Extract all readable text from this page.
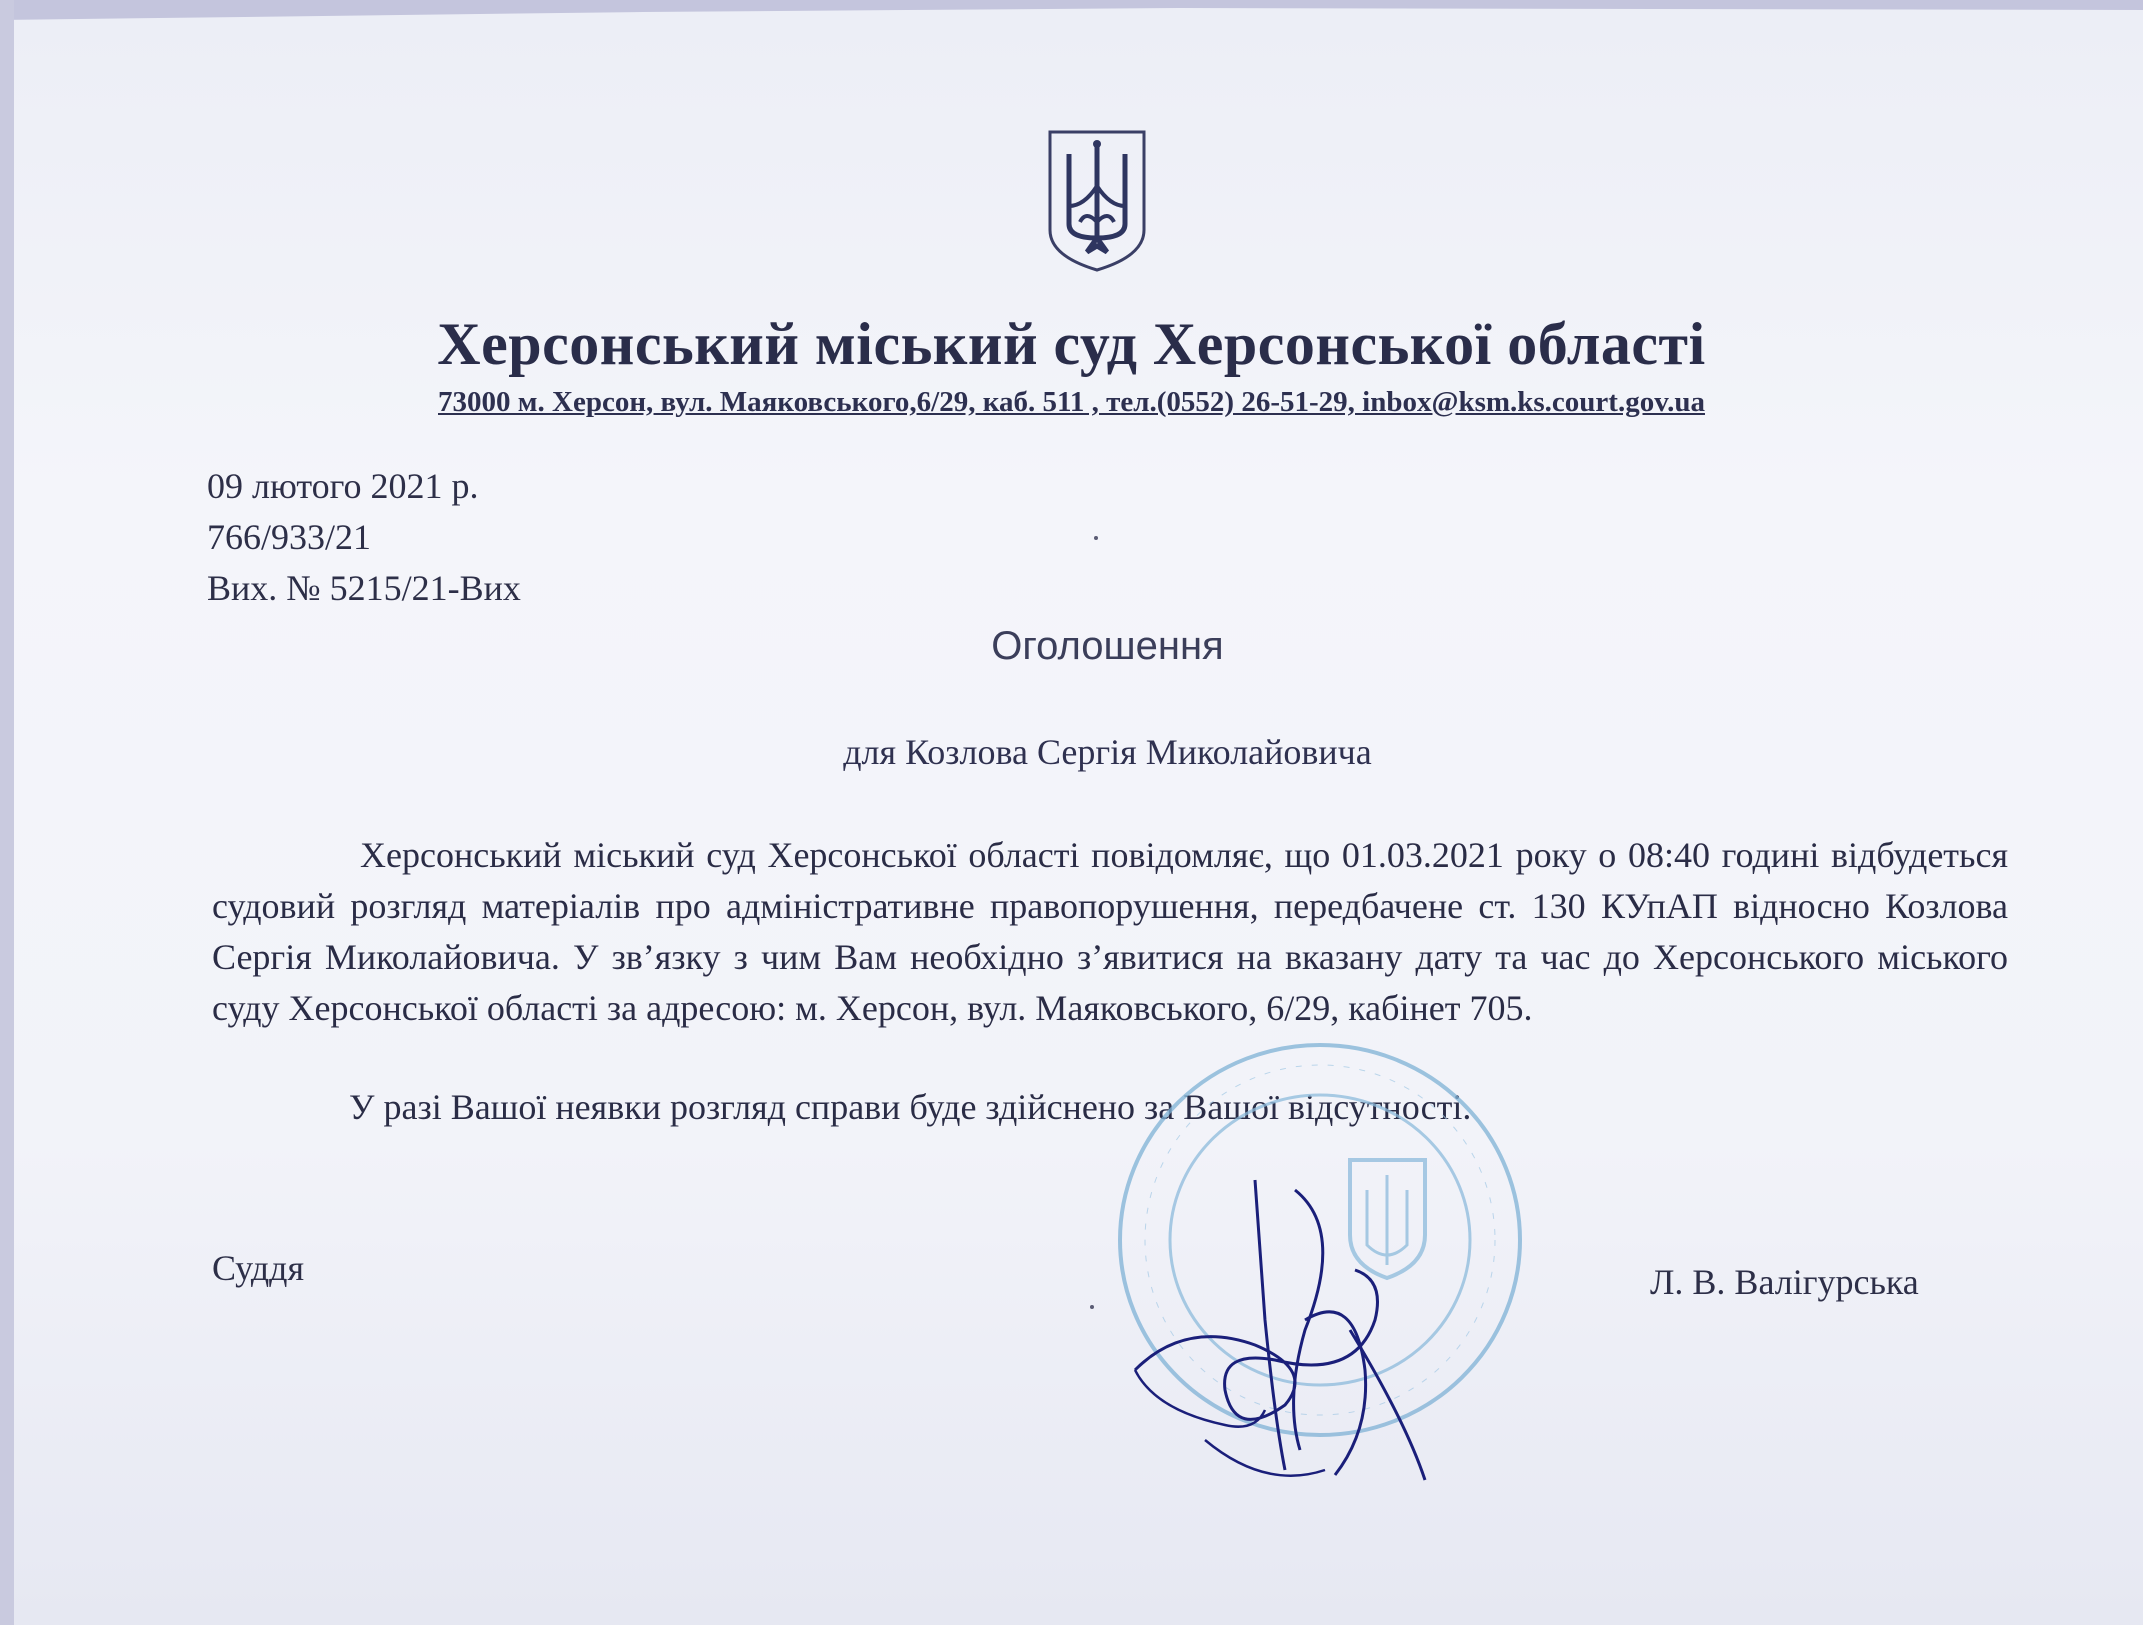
Херсонський міський суд Херсонської області
73000 м. Херсон, вул. Маяковського,6/29, каб. 511 , тел.(0552) 26-51-29, inbox@ksm.ks.court.gov.ua
09 лютого 2021 р.
766/933/21
Вих. № 5215/21-Вих
Оголошення
для Козлова Сергія Миколайовича

Херсонський міський суд Херсонської області повідомляє, що 01.03.2021 року о 08:40 годині відбудеться судовий розгляд матеріалів про адміністративне правопорушення, передбачене ст. 130 КУпАП відносно Козлова Сергія Миколайовича. У зв’язку з чим Вам необхідно з’явитися на вказану дату та час до Херсонського міського суду Херсонської області за адресою: м. Херсон, вул. Маяковського, 6/29, кабінет 705.

У разі Вашої неявки розгляд справи буде здійснено за Вашої відсутності.

Суддя	Л. В. Валігурська
